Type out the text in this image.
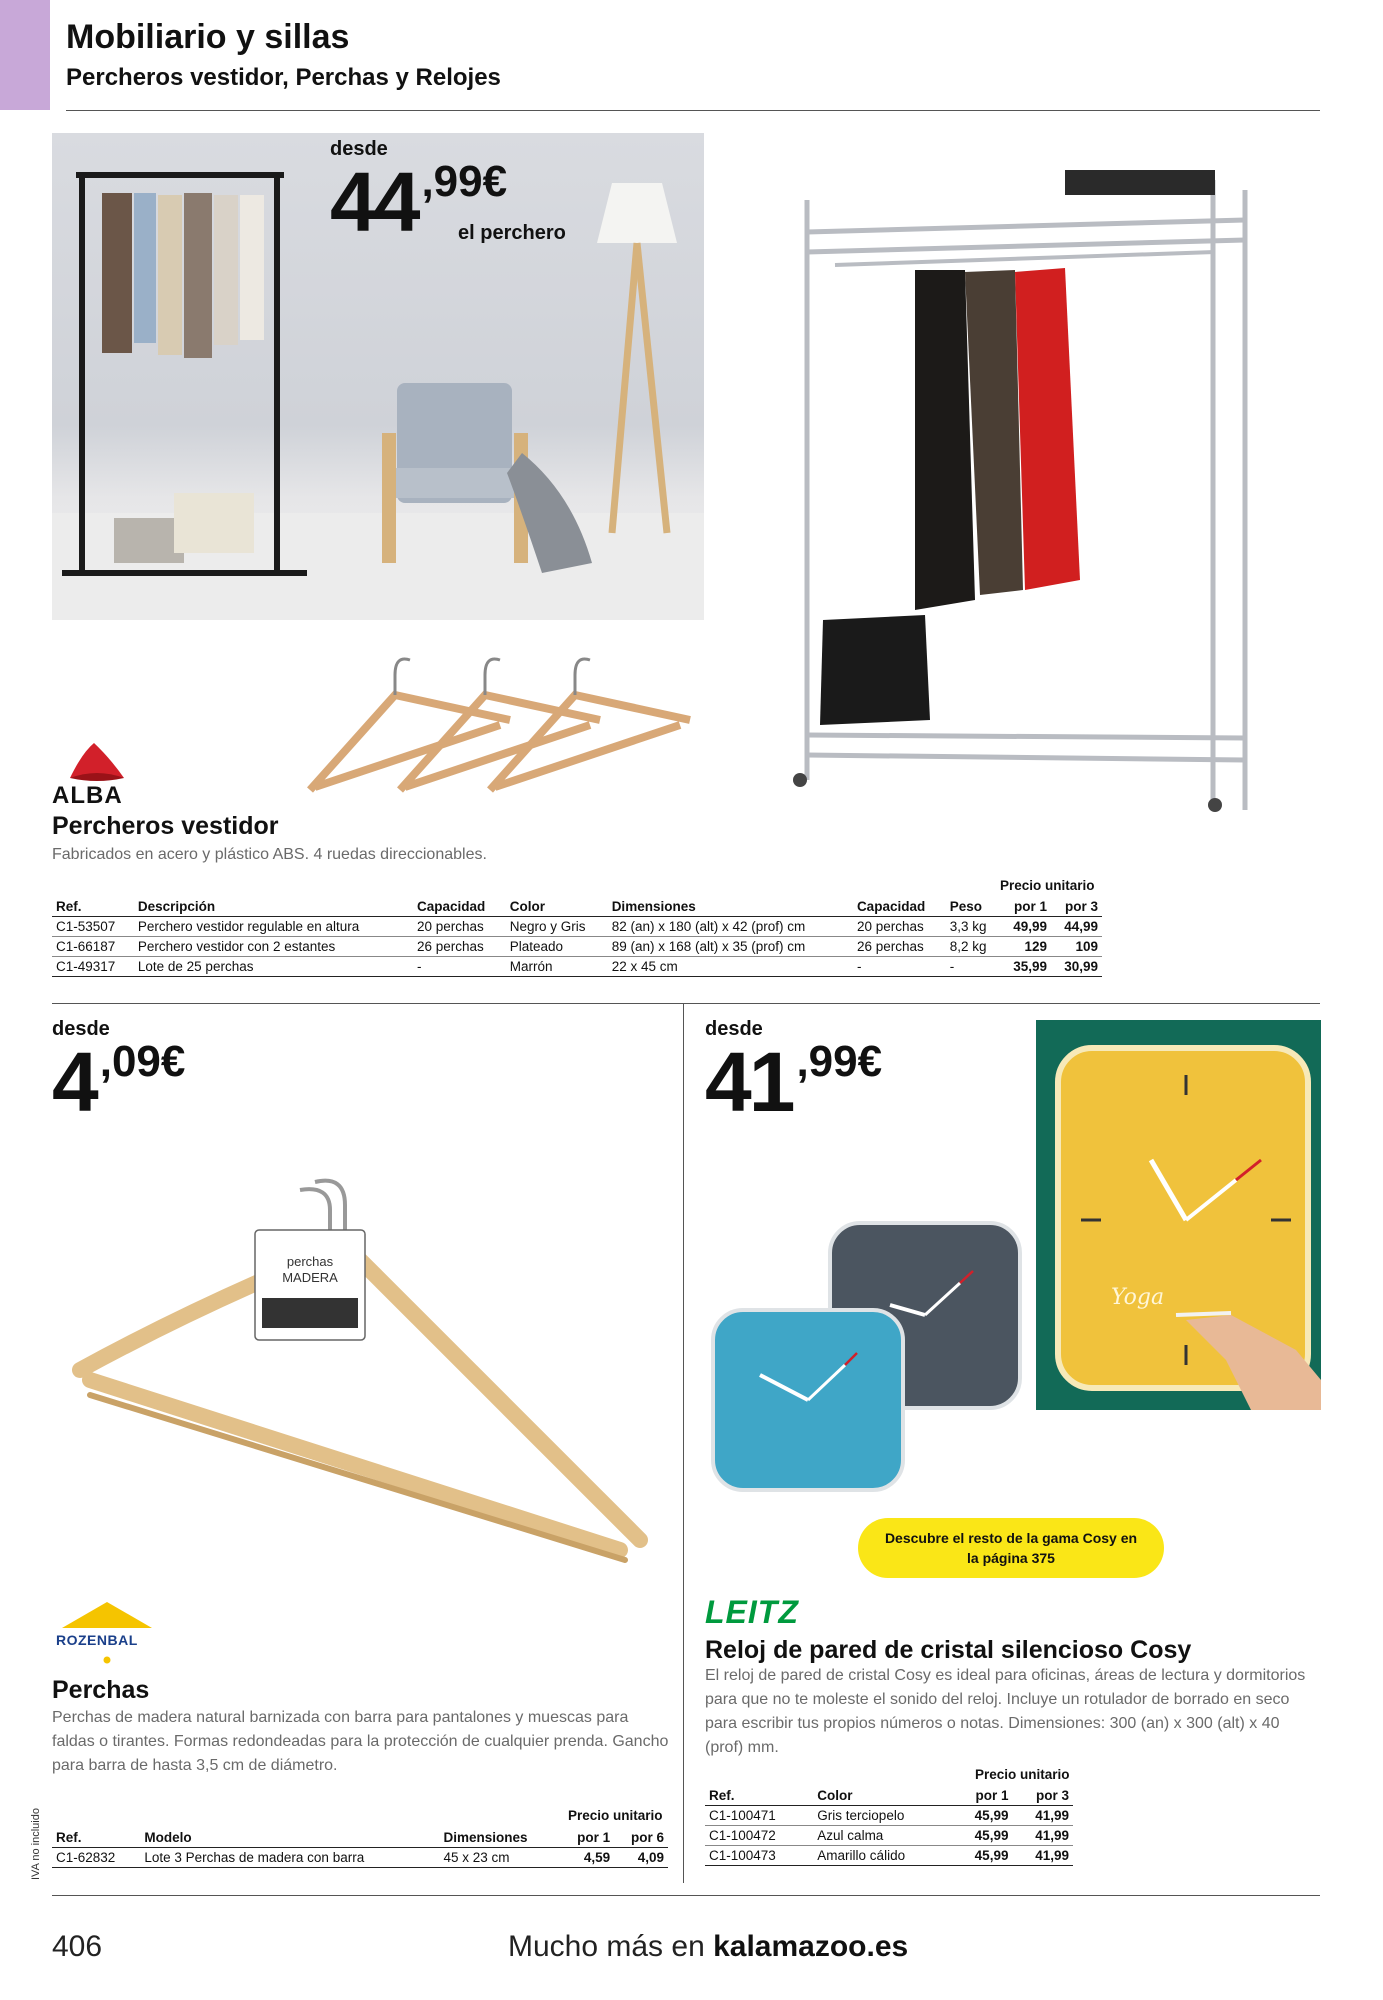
Mobiliario y sillas
Percheros vestidor, Perchas y Relojes
desde
44 ,99€
el perchero
ALBA
Percheros vestidor
Fabricados en acero y plástico ABS. 4 ruedas direccionables.
Precio unitario
Ref.	Descripción	Capacidad	Color	Dimensiones	Capacidad	Peso	por 1	por 3
C1-53507	Perchero vestidor regulable en altura	20 perchas	Negro y Gris	82 (an) x 180 (alt) x 42 (prof) cm	20 perchas	3,3 kg	49,99	44,99
C1-66187	Perchero vestidor con 2 estantes	26 perchas	Plateado	89 (an) x 168 (alt) x 35 (prof) cm	26 perchas	8,2 kg	129	109
C1-49317	Lote de 25 perchas	-	Marrón	22 x 45 cm	-	-	35,99	30,99
desde
4 ,09€
perchas MADERA
ROZENBAL
Perchas
Perchas de madera natural barnizada con barra para pantalones y muescas para faldas o tirantes. Formas redondeadas para la protección de cualquier prenda. Gancho para barra de hasta 3,5 cm de diámetro.
Precio unitario
Ref.	Modelo	Dimensiones	por 1	por 6
C1-62832	Lote 3 Perchas de madera con barra	45 x 23 cm	4,59	4,09
desde
41 ,99€
Yoga
Descubre el resto de la gama Cosy en la página 375
LEITZ
Reloj de pared de cristal silencioso Cosy
El reloj de pared de cristal Cosy es ideal para oficinas, áreas de lectura y dormitorios para que no te moleste el sonido del reloj. Incluye un rotulador de borrado en seco para escribir tus propios números o notas. Dimensiones: 300 (an) x 300 (alt) x 40 (prof) mm.
Precio unitario
Ref.	Color	por 1	por 3
C1-100471	Gris terciopelo	45,99	41,99
C1-100472	Azul calma	45,99	41,99
C1-100473	Amarillo cálido	45,99	41,99
IVA no incluido
406	Mucho más en kalamazoo.es
